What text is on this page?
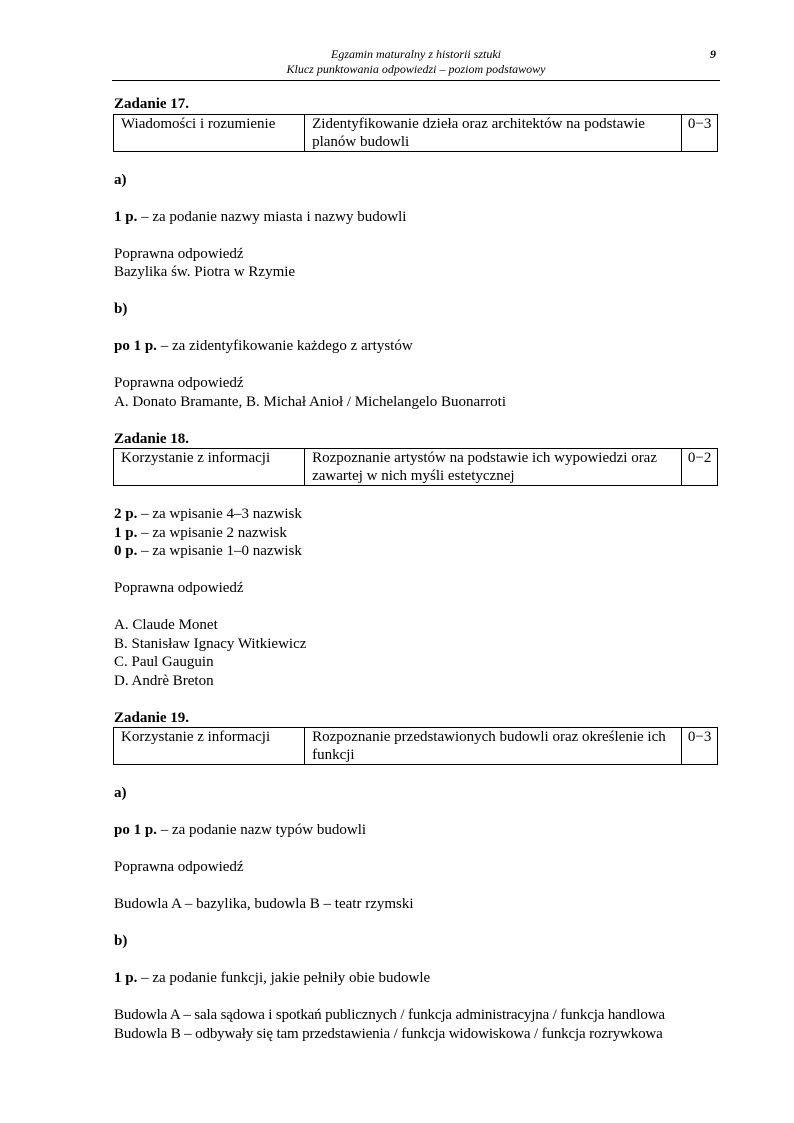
Egzamin maturalny z historii sztuki
Klucz punktowania odpowiedzi – poziom podstawowy
9

Zadanie 17.

Wiadomości i rozumienie	Zidentyfikowanie dzieła oraz architektów na podstawie planów budowli	0−3

a)

1 p. – za podanie nazwy miasta i nazwy budowli

Poprawna odpowiedź

Bazylika św. Piotra w Rzymie

b)

po 1 p. – za zidentyfikowanie każdego z artystów

Poprawna odpowiedź

A. Donato Bramante, B. Michał Anioł / Michelangelo Buonarroti

Zadanie 18.

Korzystanie z informacji	Rozpoznanie artystów na podstawie ich wypowiedzi oraz zawartej w nich myśli estetycznej	0−2

2 p. – za wpisanie 4–3 nazwisk

1 p. – za wpisanie 2 nazwisk

0 p. – za wpisanie 1–0 nazwisk

Poprawna odpowiedź

A. Claude Monet

B. Stanisław Ignacy Witkiewicz

C. Paul Gauguin

D. Andrè Breton

Zadanie 19.

Korzystanie z informacji	Rozpoznanie przedstawionych budowli oraz określenie ich funkcji	0−3

a)

po 1 p. – za podanie nazw typów budowli

Poprawna odpowiedź

Budowla A – bazylika, budowla B – teatr rzymski

b)

1 p. – za podanie funkcji, jakie pełniły obie budowle

Budowla A – sala sądowa i spotkań publicznych / funkcja administracyjna / funkcja handlowa

Budowla B – odbywały się tam przedstawienia / funkcja widowiskowa / funkcja rozrywkowa
